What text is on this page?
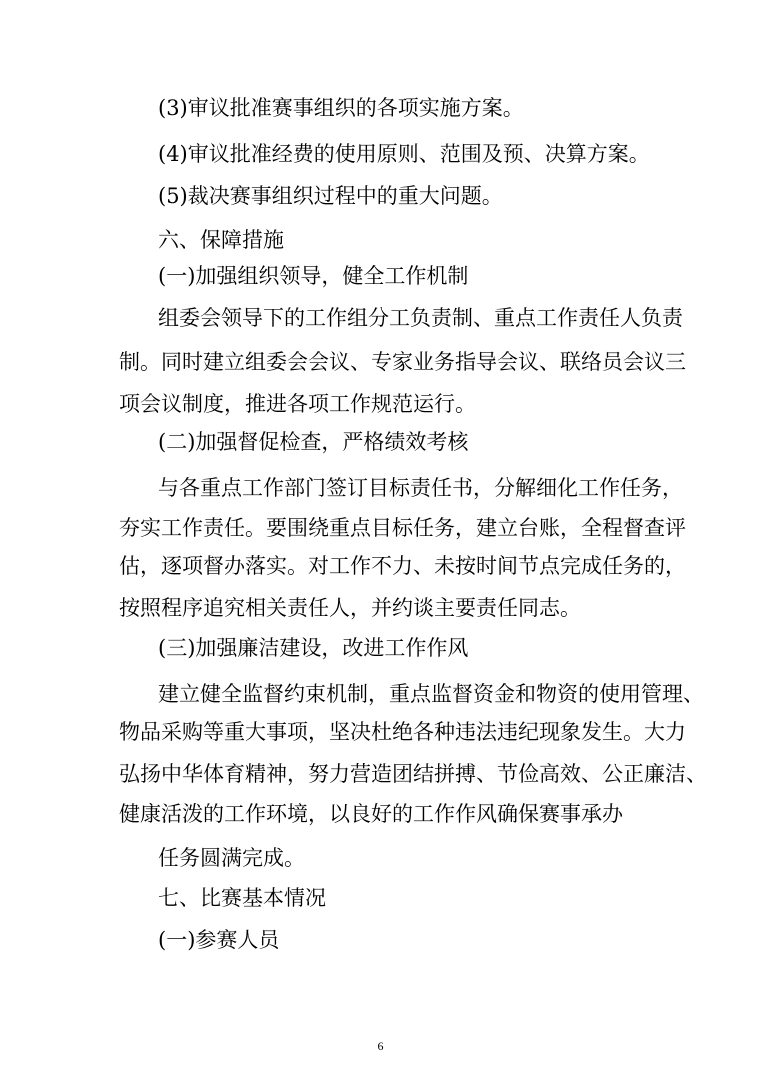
(3)审议批准赛事组织的各项实施方案。
(4)审议批准经费的使用原则、范围及预、决算方案。
(5)裁决赛事组织过程中的重大问题。
六、保障措施
(一)加强组织领导，健全工作机制
组委会领导下的工作组分工负责制、重点工作责任人负责
制。同时建立组委会会议、专家业务指导会议、联络员会议三
项会议制度，推进各项工作规范运行。
(二)加强督促检查，严格绩效考核
与各重点工作部门签订目标责任书，分解细化工作任务，
夯实工作责任。要围绕重点目标任务，建立台账，全程督查评
估，逐项督办落实。对工作不力、未按时间节点完成任务的，
按照程序追究相关责任人，并约谈主要责任同志。
(三)加强廉洁建设，改进工作作风
建立健全监督约束机制，重点监督资金和物资的使用管理、
物品采购等重大事项，坚决杜绝各种违法违纪现象发生。大力
弘扬中华体育精神，努力营造团结拼搏、节俭高效、公正廉洁、
健康活泼的工作环境，以良好的工作作风确保赛事承办
任务圆满完成。
七、比赛基本情况
(一)参赛人员
6
